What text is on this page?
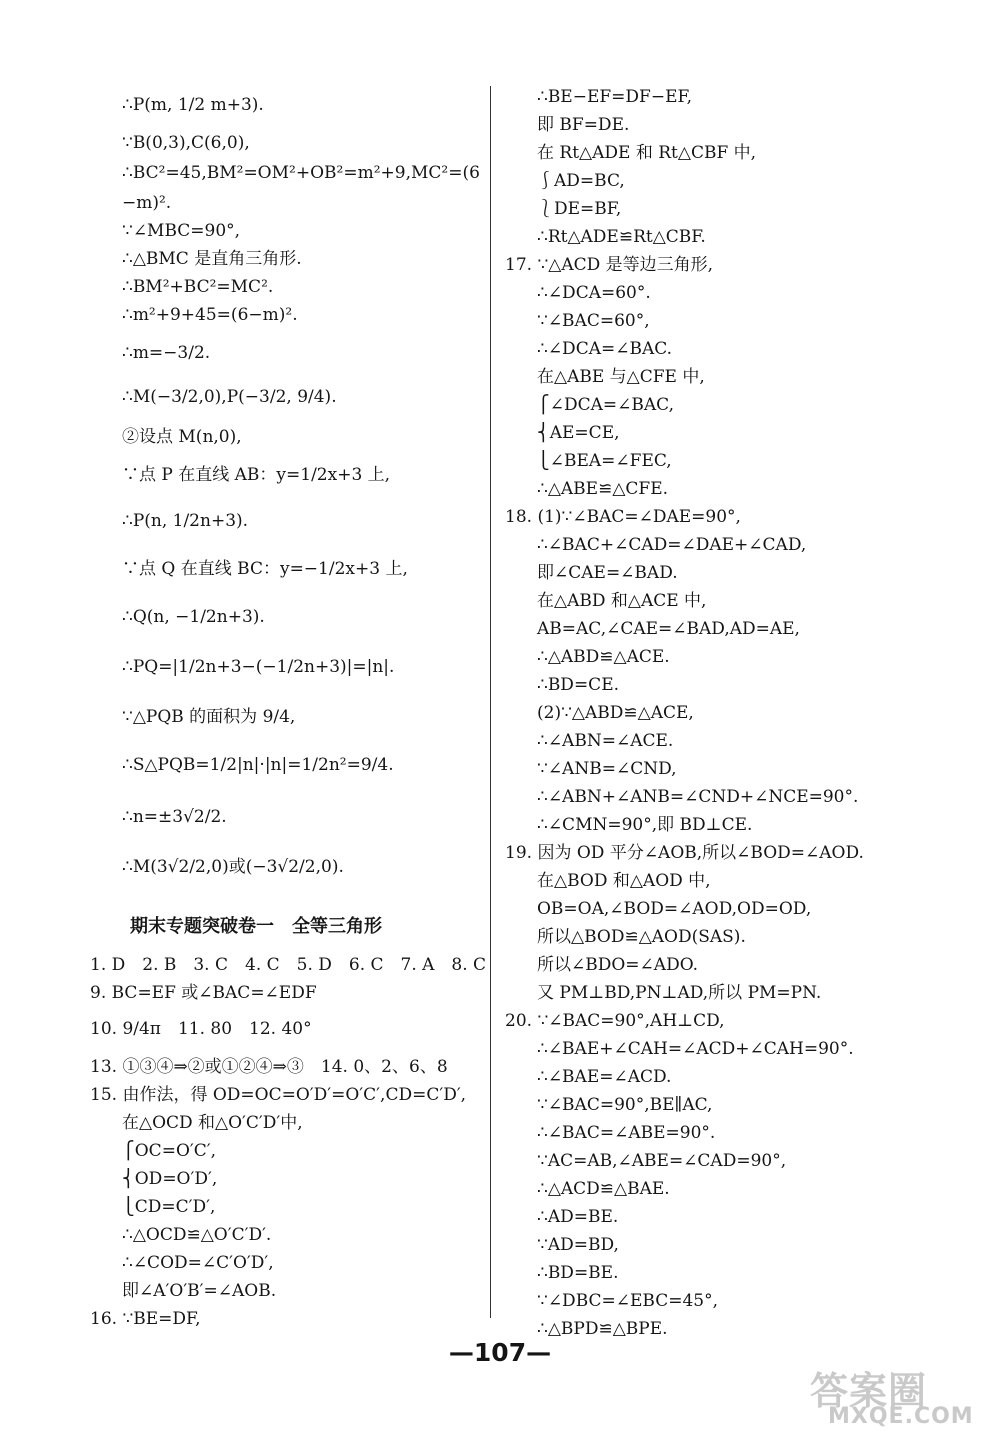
∴P(m, 1/2 m+3).
∵B(0,3),C(6,0),
∴BC²=45,BM²=OM²+OB²=m²+9,MC²=(6
−m)².
∵∠MBC=90°,
∴△BMC 是直角三角形.
∴BM²+BC²=MC².
∴m²+9+45=(6−m)².
∴m=−3/2.
∴M(−3/2,0),P(−3/2, 9/4).
②设点 M(n,0),
∵点 P 在直线 AB：y=1/2x+3 上,
∴P(n, 1/2n+3).
∵点 Q 在直线 BC：y=−1/2x+3 上,
∴Q(n, −1/2n+3).
∴PQ=|1/2n+3−(−1/2n+3)|=|n|.
∵△PQB 的面积为 9/4,
∴S△PQB=1/2|n|·|n|=1/2n²=9/4.
∴n=±3√2/2.
∴M(3√2/2,0)或(−3√2/2,0).
期末专题突破卷一　全等三角形
1. D　2. B　3. C　4. C　5. D　6. C　7. A　8. C
9. BC=EF 或∠BAC=∠EDF
10. 9/4π　11. 80　12. 40°
13. ①③④⇒②或①②④⇒③　14. 0、2、6、8
15. 由作法，得 OD=OC=O′D′=O′C′,CD=C′D′,
在△OCD 和△O′C′D′中,
⎧OC=O′C′,
⎨OD=O′D′,
⎩CD=C′D′,
∴△OCD≌△O′C′D′.
∴∠COD=∠C′O′D′,
即∠A′O′B′=∠AOB.
16. ∵BE=DF,
∴BE−EF=DF−EF,
即 BF=DE.
在 Rt△ADE 和 Rt△CBF 中,
⎰AD=BC,
⎱DE=BF,
∴Rt△ADE≌Rt△CBF.
17. ∵△ACD 是等边三角形,
∴∠DCA=60°.
∵∠BAC=60°,
∴∠DCA=∠BAC.
在△ABE 与△CFE 中,
⎧∠DCA=∠BAC,
⎨AE=CE,
⎩∠BEA=∠FEC,
∴△ABE≌△CFE.
18. (1)∵∠BAC=∠DAE=90°,
∴∠BAC+∠CAD=∠DAE+∠CAD,
即∠CAE=∠BAD.
在△ABD 和△ACE 中,
AB=AC,∠CAE=∠BAD,AD=AE,
∴△ABD≌△ACE.
∴BD=CE.
(2)∵△ABD≌△ACE,
∴∠ABN=∠ACE.
∵∠ANB=∠CND,
∴∠ABN+∠ANB=∠CND+∠NCE=90°.
∴∠CMN=90°,即 BD⊥CE.
19. 因为 OD 平分∠AOB,所以∠BOD=∠AOD.
在△BOD 和△AOD 中,
OB=OA,∠BOD=∠AOD,OD=OD,
所以△BOD≌△AOD(SAS).
所以∠BDO=∠ADO.
又 PM⊥BD,PN⊥AD,所以 PM=PN.
20. ∵∠BAC=90°,AH⊥CD,
∴∠BAE+∠CAH=∠ACD+∠CAH=90°.
∴∠BAE=∠ACD.
∵∠BAC=90°,BE∥AC,
∴∠BAC=∠ABE=90°.
∵AC=AB,∠ABE=∠CAD=90°,
∴△ACD≌△BAE.
∴AD=BE.
∵AD=BD,
∴BD=BE.
∵∠DBC=∠EBC=45°,
∴△BPD≌△BPE.
—107—
答案圈
MXQE.COM
